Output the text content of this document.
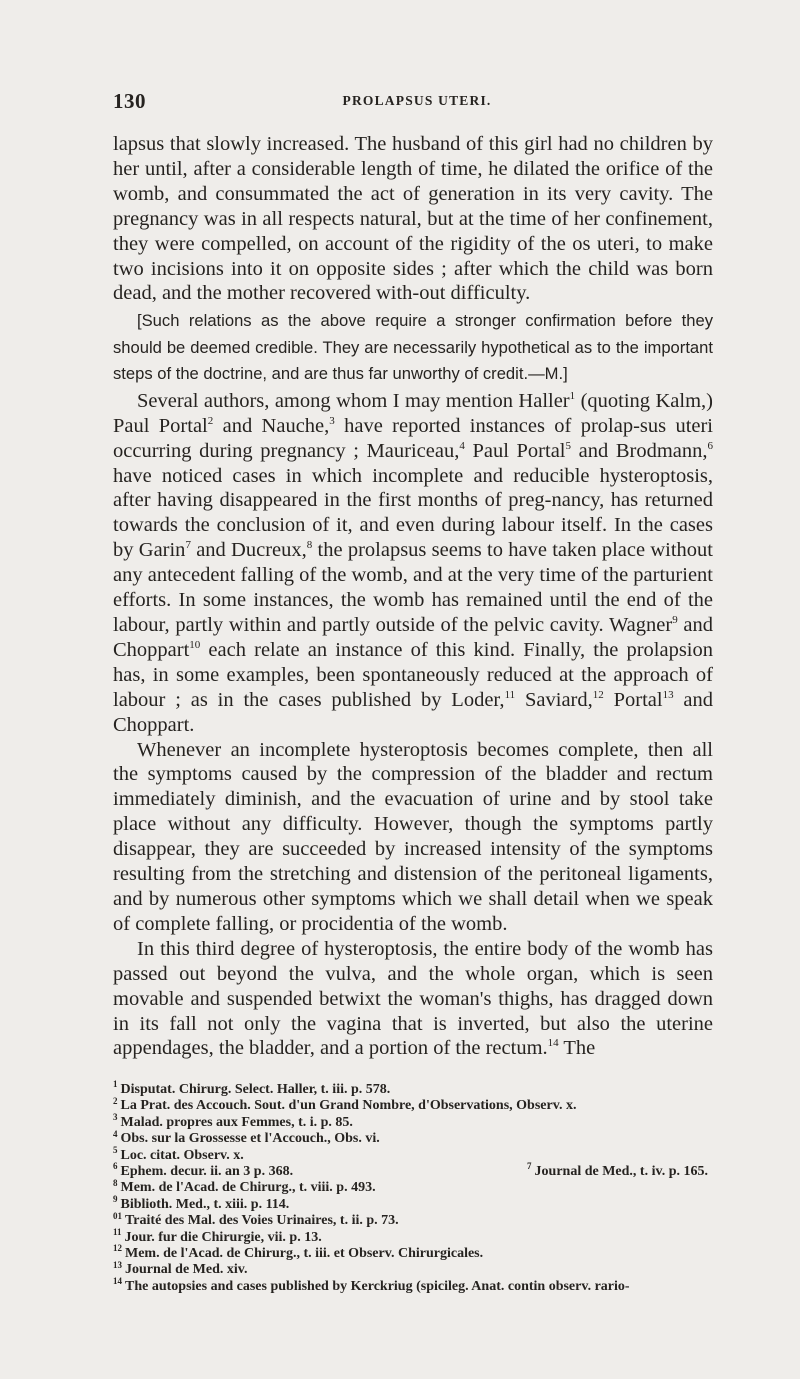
130	PROLAPSUS UTERI.

lapsus that slowly increased. The husband of this girl had no children by her until, after a considerable length of time, he dilated the orifice of the womb, and consummated the act of generation in its very cavity. The pregnancy was in all respects natural, but at the time of her confinement, they were compelled, on account of the rigidity of the os uteri, to make two incisions into it on opposite sides ; after which the child was born dead, and the mother recovered with-out difficulty.

[Such relations as the above require a stronger confirmation before they should be deemed credible. They are necessarily hypothetical as to the important steps of the doctrine, and are thus far unworthy of credit.—M.]

Several authors, among whom I may mention Haller$^1$ (quoting Kalm,) Paul Portal$^2$ and Nauche,$^3$ have reported instances of prolap-sus uteri occurring during pregnancy ; Mauriceau,$^4$ Paul Portal$^5$ and Brodmann,$^6$ have noticed cases in which incomplete and reducible hysteroptosis, after having disappeared in the first months of preg-nancy, has returned towards the conclusion of it, and even during labour itself. In the cases by Garin$^7$ and Ducreux,$^8$ the prolapsus seems to have taken place without any antecedent falling of the womb, and at the very time of the parturient efforts. In some instances, the womb has remained until the end of the labour, partly within and partly outside of the pelvic cavity. Wagner$^9$ and Choppart$^{10}$ each relate an instance of this kind. Finally, the prolapsion has, in some examples, been spontaneously reduced at the approach of labour ; as in the cases published by Loder,$^{11}$ Saviard,$^{12}$ Portal$^{13}$ and Choppart.

Whenever an incomplete hysteroptosis becomes complete, then all the symptoms caused by the compression of the bladder and rectum immediately diminish, and the evacuation of urine and by stool take place without any difficulty. However, though the symptoms partly disappear, they are succeeded by increased intensity of the symptoms resulting from the stretching and distension of the peritoneal ligaments, and by numerous other symptoms which we shall detail when we speak of complete falling, or procidentia of the womb.

In this third degree of hysteroptosis, the entire body of the womb has passed out beyond the vulva, and the whole organ, which is seen movable and suspended betwixt the woman's thighs, has dragged down in its fall not only the vagina that is inverted, but also the uterine appendages, the bladder, and a portion of the rectum.$^{14}$ The

$^1$ Disputat. Chirurg. Select. Haller, t. iii. p. 578.
$^2$ La Prat. des Accouch. Sout. d'un Grand Nombre, d'Observations, Observ. x.
$^3$ Malad. propres aux Femmes, t. i. p. 85.
$^4$ Obs. sur la Grossesse et l'Accouch., Obs. vi.
$^5$ Loc. citat. Observ. x.
$^6$ Ephem. decur. ii. an 3 p. 368.	$^7$ Journal de Med., t. iv. p. 165.
$^8$ Mem. de l'Acad. de Chirurg., t. viii. p. 493.
$^9$ Biblioth. Med., t. xiii. p. 114.
$^{01}$ Traité des Mal. des Voies Urinaires, t. ii. p. 73.
$^{11}$ Jour. fur die Chirurgie, vii. p. 13.
$^{12}$ Mem. de l'Acad. de Chirurg., t. iii. et Observ. Chirurgicales.
$^{13}$ Journal de Med. xiv.
$^{14}$ The autopsies and cases published by Kerckriug (spicileg. Anat. contin observ. rario-
